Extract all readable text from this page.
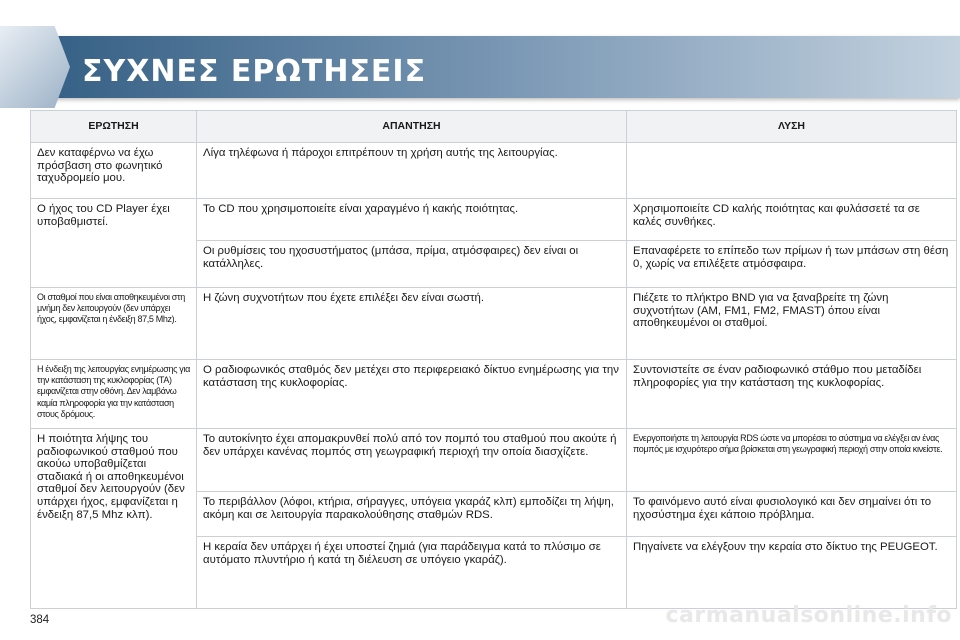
ΣΥΧΝΕΣ ΕΡΩΤΗΣΕΙΣ
ΕΡΩΤΗΣΗ	ΑΠΑΝΤΗΣΗ	ΛΥΣΗ
Δεν καταφέρνω να έχω πρόσβαση στο φωνητικό ταχυδρομείο μου.	Λίγα τηλέφωνα ή πάροχοι επιτρέπουν τη χρήση αυτής της λειτουργίας.	
Ο ήχος του CD Player έχει υποβαθμιστεί.	Το CD που χρησιμοποιείτε είναι χαραγμένο ή κακής ποιότητας.	Χρησιμοποιείτε CD καλής ποιότητας και φυλάσσετέ τα σε καλές συνθήκες.
	Οι ρυθμίσεις του ηχοσυστήματος (μπάσα, πρίμα, ατμόσφαιρες) δεν είναι οι κατάλληλες.	Επαναφέρετε το επίπεδο των πρίμων ή των μπάσων στη θέση 0, χωρίς να επιλέξετε ατμόσφαιρα.
Οι σταθμοί που είναι αποθηκευμένοι στη μνήμη δεν λειτουργούν (δεν υπάρχει ήχος, εμφανίζεται η ένδειξη 87,5 Mhz).	Η ζώνη συχνοτήτων που έχετε επιλέξει δεν είναι σωστή.	Πιέζετε το πλήκτρο BND για να ξαναβρείτε τη ζώνη συχνοτήτων (AM, FM1, FM2, FMAST) όπου είναι αποθηκευμένοι οι σταθμοί.
Η ένδειξη της λειτουργίας ενημέρωσης για την κατάσταση της κυκλοφορίας (TA) εμφανίζεται στην οθόνη. Δεν λαμβάνω καμία πληροφορία για την κατάσταση στους δρόμους.	Ο ραδιοφωνικός σταθμός δεν μετέχει στο περιφερειακό δίκτυο ενημέρωσης για την κατάσταση της κυκλοφορίας.	Συντονιστείτε σε έναν ραδιοφωνικό στάθμο που μεταδίδει πληροφορίες για την κατάσταση της κυκλοφορίας.
Η ποιότητα λήψης του ραδιοφωνικού σταθμού που ακούω υποβαθμίζεται σταδιακά ή οι αποθηκευμένοι σταθμοί δεν λειτουργούν (δεν υπάρχει ήχος, εμφανίζεται η ένδειξη 87,5 Mhz κλπ).	Το αυτοκίνητο έχει απομακρυνθεί πολύ από τον πομπό του σταθμού που ακούτε ή δεν υπάρχει κανένας πομπός στη γεωγραφική περιοχή την οποία διασχίζετε.	Ενεργοποιήστε τη λειτουργία RDS ώστε να μπορέσει το σύστημα να ελέγξει αν ένας πομπός με ισχυρότερο σήμα βρίσκεται στη γεωγραφική περιοχή στην οποία κινείστε.
	Το περιβάλλον (λόφοι, κτήρια, σήραγγες, υπόγεια γκαράζ κλπ) εμποδίζει τη λήψη, ακόμη και σε λειτουργία παρακολούθησης σταθμών RDS.	Το φαινόμενο αυτό είναι φυσιολογικό και δεν σημαίνει ότι το ηχοσύστημα έχει κάποιο πρόβλημα.
	Η κεραία δεν υπάρχει ή έχει υποστεί ζημιά (για παράδειγμα κατά το πλύσιμο σε αυτόματο πλυντήριο ή κατά τη διέλευση σε υπόγειο γκαράζ).	Πηγαίνετε να ελέγξουν την κεραία στο δίκτυο της PEUGEOT.
384	carmanualsonline.info
